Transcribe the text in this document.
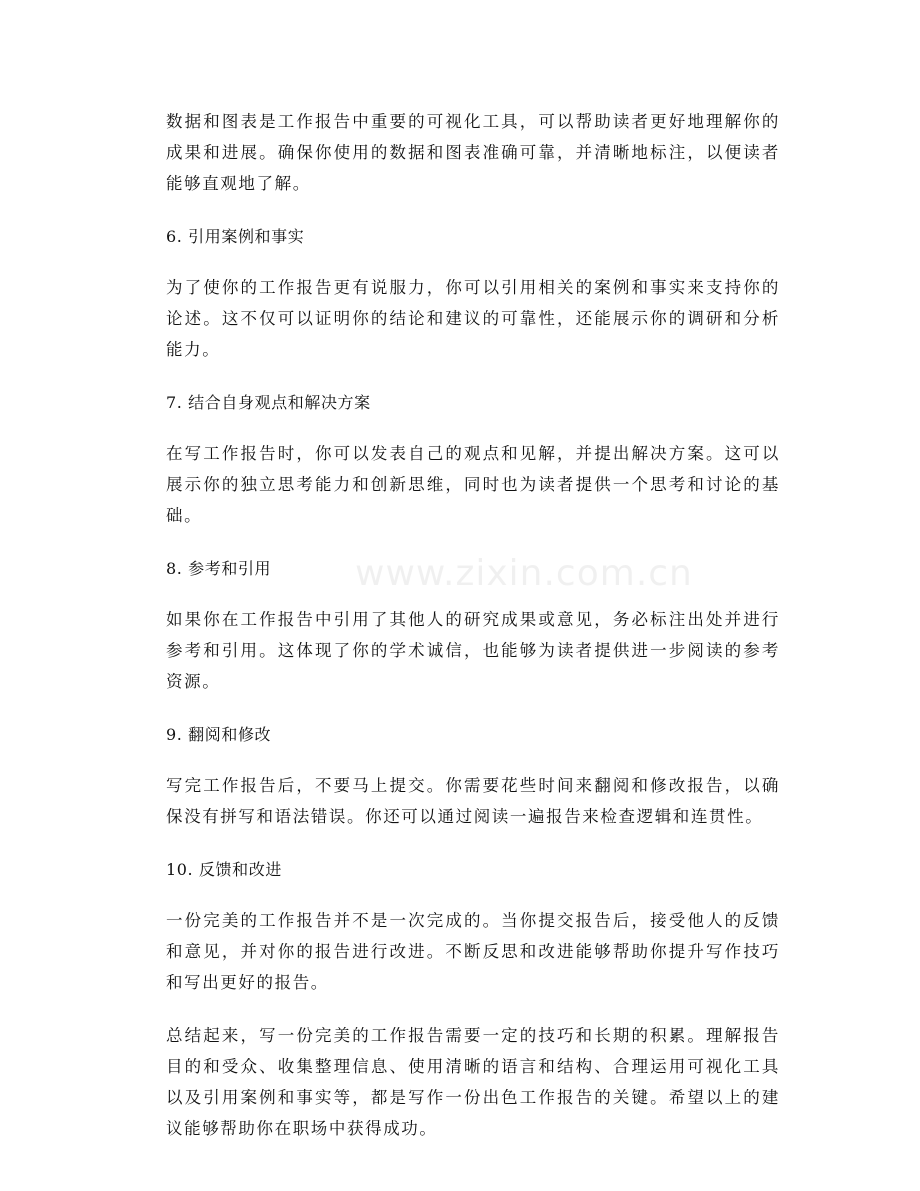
数据和图表是工作报告中重要的可视化工具，可以帮助读者更好地理解你的成果和进展。确保你使用的数据和图表准确可靠，并清晰地标注，以便读者能够直观地了解。

6. 引用案例和事实

为了使你的工作报告更有说服力，你可以引用相关的案例和事实来支持你的论述。这不仅可以证明你的结论和建议的可靠性，还能展示你的调研和分析能力。

7. 结合自身观点和解决方案

在写工作报告时，你可以发表自己的观点和见解，并提出解决方案。这可以展示你的独立思考能力和创新思维，同时也为读者提供一个思考和讨论的基础。

8. 参考和引用

如果你在工作报告中引用了其他人的研究成果或意见，务必标注出处并进行参考和引用。这体现了你的学术诚信，也能够为读者提供进一步阅读的参考资源。

9. 翻阅和修改

写完工作报告后，不要马上提交。你需要花些时间来翻阅和修改报告，以确保没有拼写和语法错误。你还可以通过阅读一遍报告来检查逻辑和连贯性。

10. 反馈和改进

一份完美的工作报告并不是一次完成的。当你提交报告后，接受他人的反馈和意见，并对你的报告进行改进。不断反思和改进能够帮助你提升写作技巧和写出更好的报告。

总结起来，写一份完美的工作报告需要一定的技巧和长期的积累。理解报告目的和受众、收集整理信息、使用清晰的语言和结构、合理运用可视化工具以及引用案例和事实等，都是写作一份出色工作报告的关键。希望以上的建议能够帮助你在职场中获得成功。

www.zixin.com.cn
